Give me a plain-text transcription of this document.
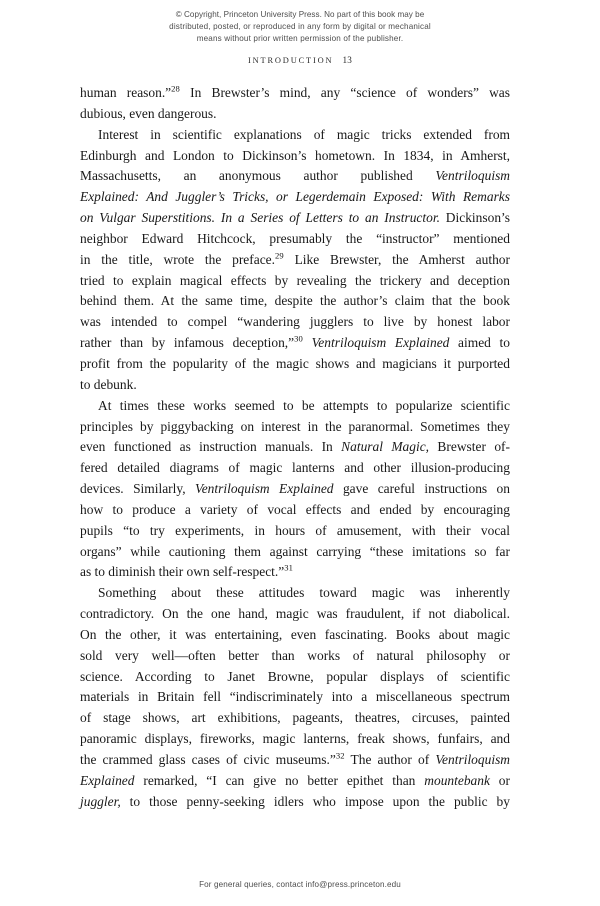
© Copyright, Princeton University Press. No part of this book may be
distributed, posted, or reproduced in any form by digital or mechanical
means without prior written permission of the publisher.
INTRODUCTION 13

human reason.”$^{28}$ In Brewster’s mind, any “science of wonders” was
dubious, even dangerous.

Interest in scientific explanations of magic tricks extended from
Edinburgh and London to Dickinson’s hometown. In 1834, in Amherst,
Massachusetts, an anonymous author published Ventriloquism
Explained: And Juggler’s Tricks, or Legerdemain Exposed: With Remarks
on Vulgar Superstitions. In a Series of Letters to an Instructor. Dickinson’s
neighbor Edward Hitchcock, presumably the “instructor” mentioned
in the title, wrote the preface.$^{29}$ Like Brewster, the Amherst author
tried to explain magical effects by revealing the trickery and deception
behind them. At the same time, despite the author’s claim that the book
was intended to compel “wandering jugglers to live by honest labor
rather than by infamous deception,”$^{30}$ Ventriloquism Explained aimed to
profit from the popularity of the magic shows and magicians it purported
to debunk.

At times these works seemed to be attempts to popularize scientific
principles by piggybacking on interest in the paranormal. Sometimes they
even functioned as instruction manuals. In Natural Magic, Brewster of-
fered detailed diagrams of magic lanterns and other illusion-producing
devices. Similarly, Ventriloquism Explained gave careful instructions on
how to produce a variety of vocal effects and ended by encouraging
pupils “to try experiments, in hours of amusement, with their vocal
organs” while cautioning them against carrying “these imitations so far
as to diminish their own self-respect.”$^{31}$

Something about these attitudes toward magic was inherently
contradictory. On the one hand, magic was fraudulent, if not diabolical.
On the other, it was entertaining, even fascinating. Books about magic
sold very well—often better than works of natural philosophy or
science. According to Janet Browne, popular displays of scientific
materials in Britain fell “indiscriminately into a miscellaneous spectrum
of stage shows, art exhibitions, pageants, theatres, circuses, painted
panoramic displays, fireworks, magic lanterns, freak shows, funfairs, and
the crammed glass cases of civic museums.”$^{32}$ The author of Ventriloquism
Explained remarked, “I can give no better epithet than mountebank or
juggler, to those penny-seeking idlers who impose upon the public by

For general queries, contact info@press.princeton.edu
